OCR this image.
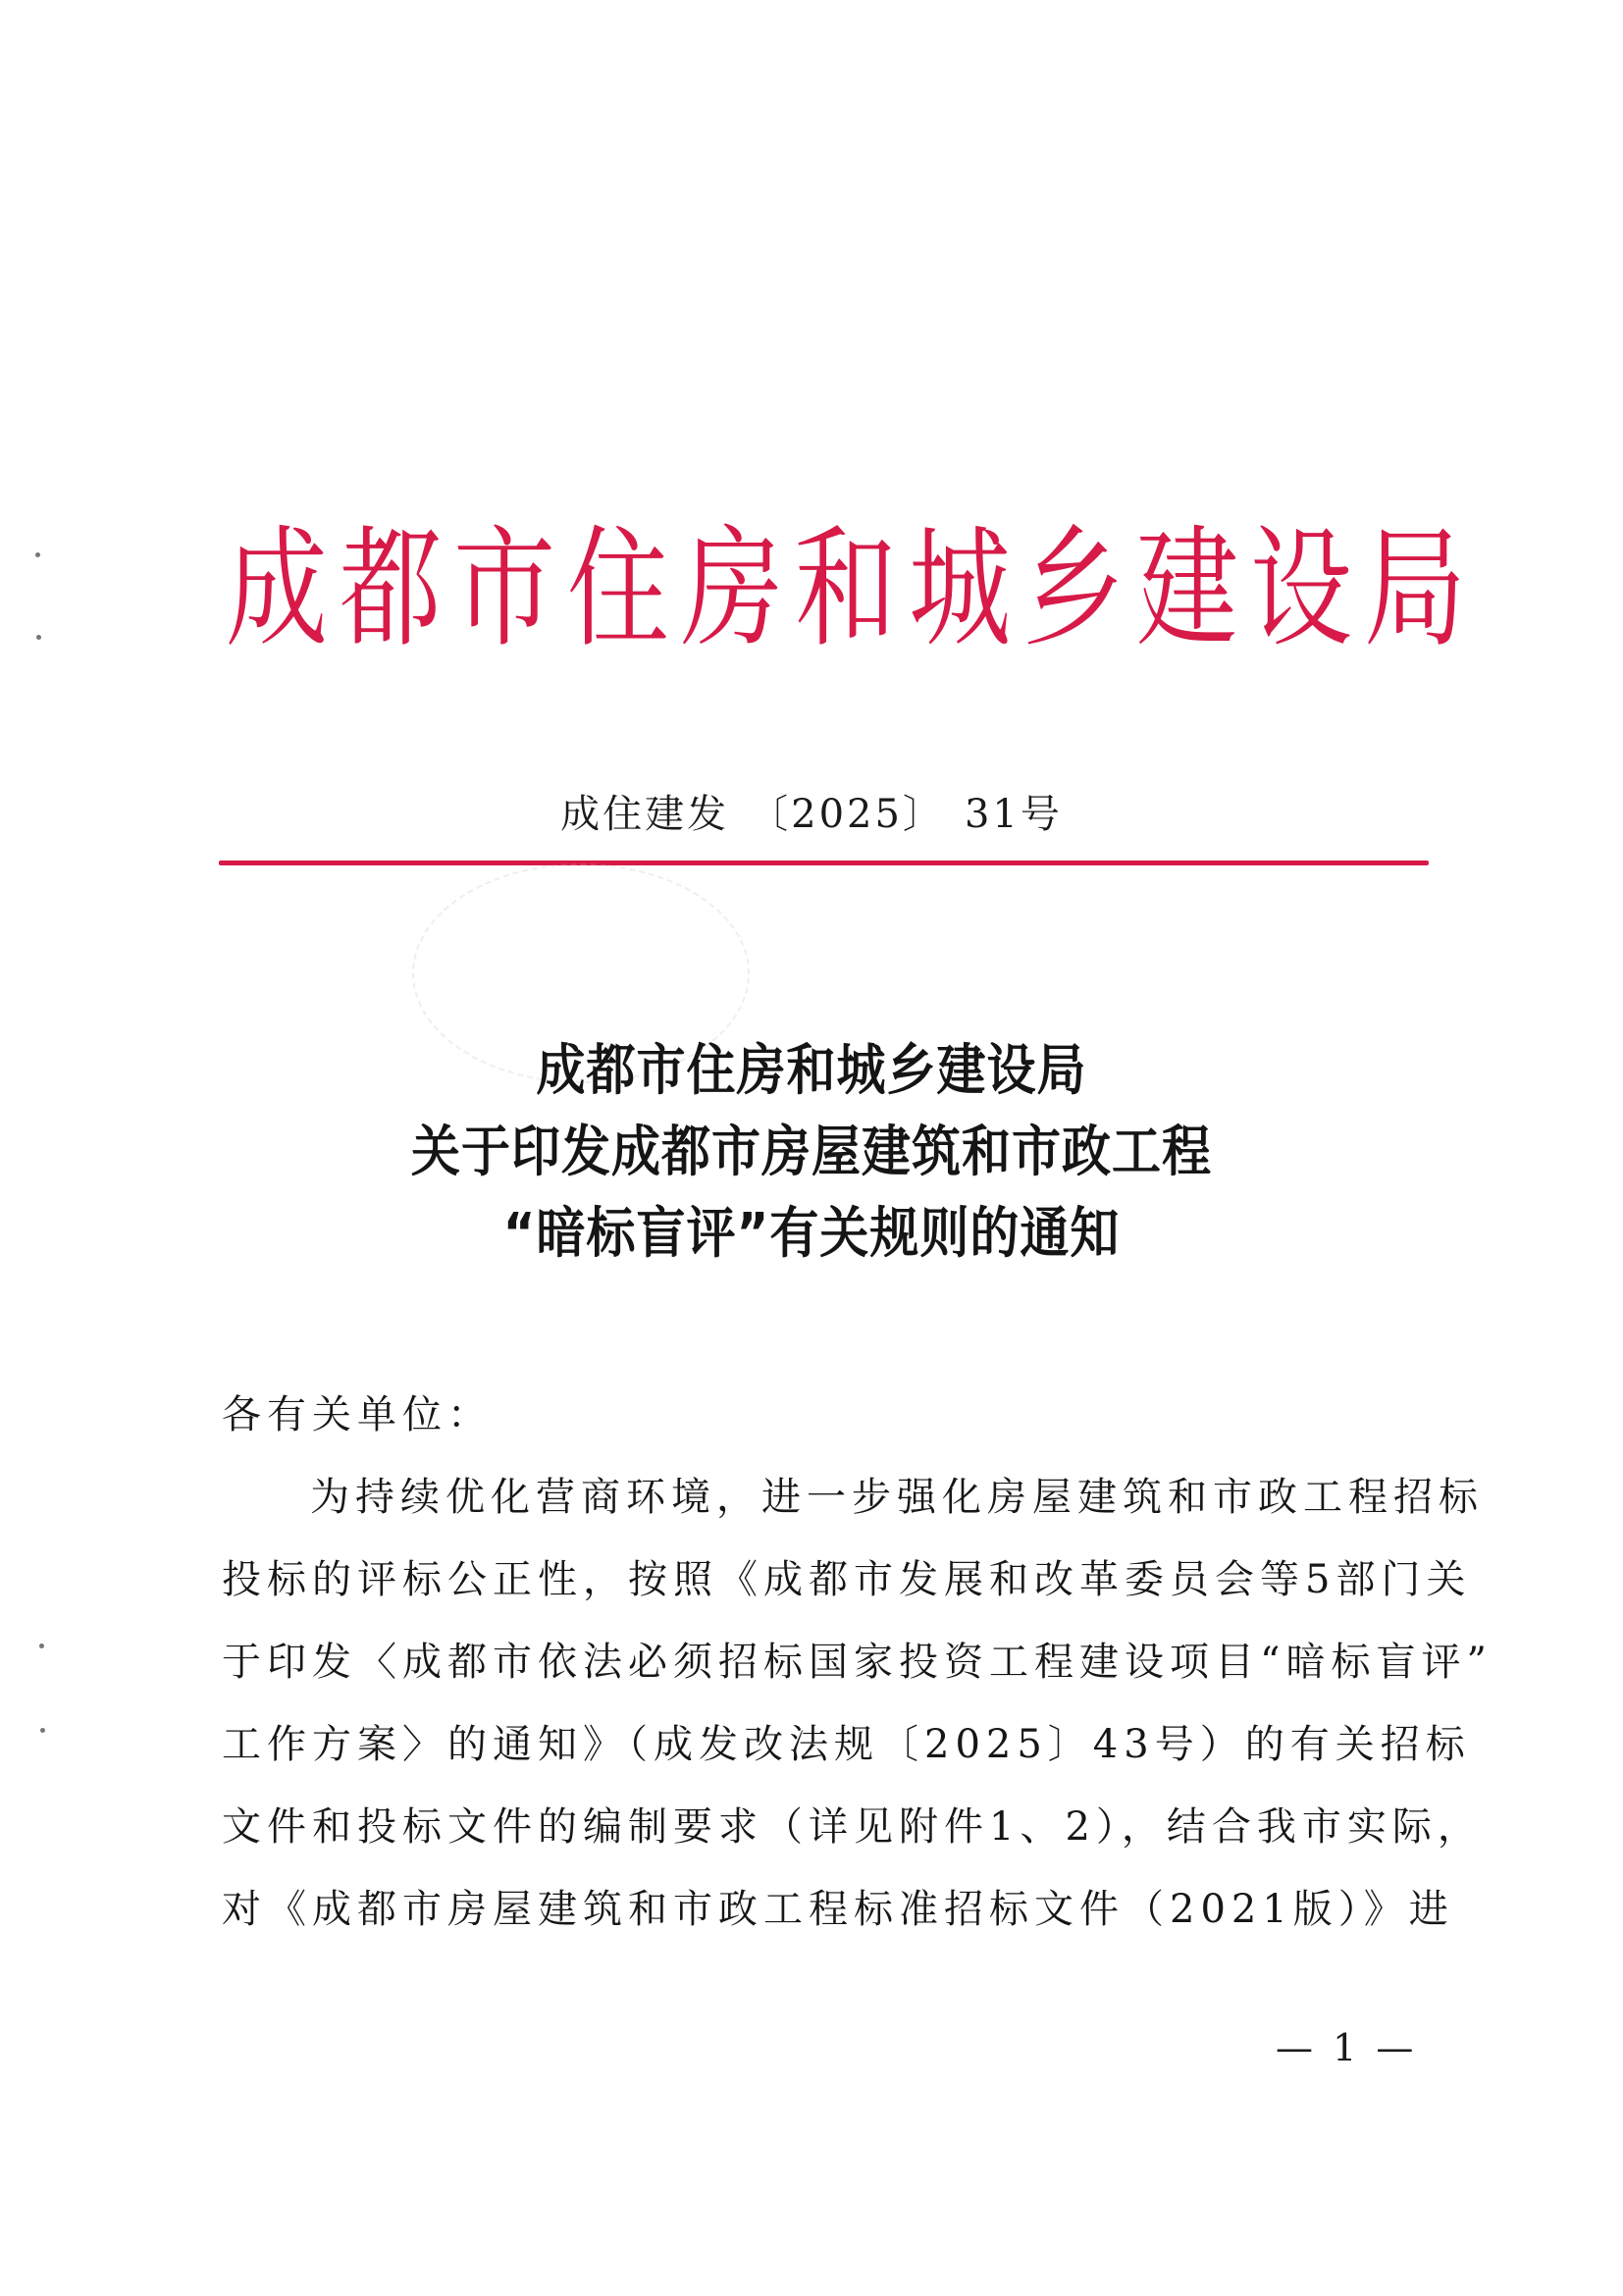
成都市住房和城乡建设局
成住建发 〔2025〕 31号
成都市住房和城乡建设局
关于印发成都市房屋建筑和市政工程
“暗标盲评”有关规则的通知
各有关单位：
为持续优化营商环境，进一步强化房屋建筑和市政工程招标
投标的评标公正性，按照《成都市发展和改革委员会等5部门关
于印发〈成都市依法必须招标国家投资工程建设项目“暗标盲评”
工作方案〉的通知》（成发改法规〔2025〕43号）的有关招标
文件和投标文件的编制要求（详见附件1、2），结合我市实际，
对《成都市房屋建筑和市政工程标准招标文件（2021版）》进
— 1 —
